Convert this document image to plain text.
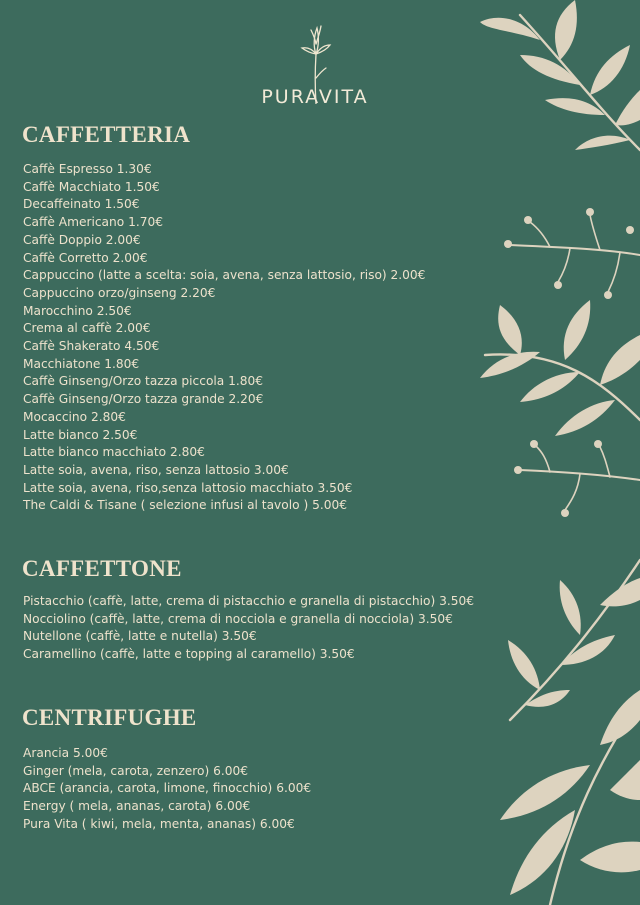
PURAVITA
CAFFETTERIA
CAFFETTONE
CENTRIFUGHE
Caffè Espresso 1.30€
Caffè Macchiato 1.50€
Decaffeinato 1.50€
Caffè Americano 1.70€
Caffè Doppio 2.00€
Caffè Corretto 2.00€
Cappuccino (latte a scelta: soia, avena, senza lattosio, riso) 2.00€
Cappuccino orzo/ginseng 2.20€
Marocchino 2.50€
Crema al caffè 2.00€
Caffè Shakerato 4.50€
Macchiatone 1.80€
Caffè Ginseng/Orzo tazza piccola 1.80€
Caffè Ginseng/Orzo tazza grande 2.20€
Mocaccino 2.80€
Latte bianco 2.50€
Latte bianco macchiato 2.80€
Latte soia, avena, riso, senza lattosio 3.00€
Latte soia, avena, riso,senza lattosio macchiato 3.50€
The Caldi & Tisane ( selezione infusi al tavolo ) 5.00€
Pistacchio (caffè, latte, crema di pistacchio e granella di pistacchio) 3.50€
Nocciolino (caffè, latte, crema di nocciola e granella di nocciola) 3.50€
Nutellone (caffè, latte e nutella) 3.50€
Caramellino (caffè, latte e topping al caramello) 3.50€
Arancia 5.00€
Ginger (mela, carota, zenzero) 6.00€
ABCE (arancia, carota, limone, finocchio) 6.00€
Energy ( mela, ananas, carota) 6.00€
Pura Vita ( kiwi, mela, menta, ananas) 6.00€
